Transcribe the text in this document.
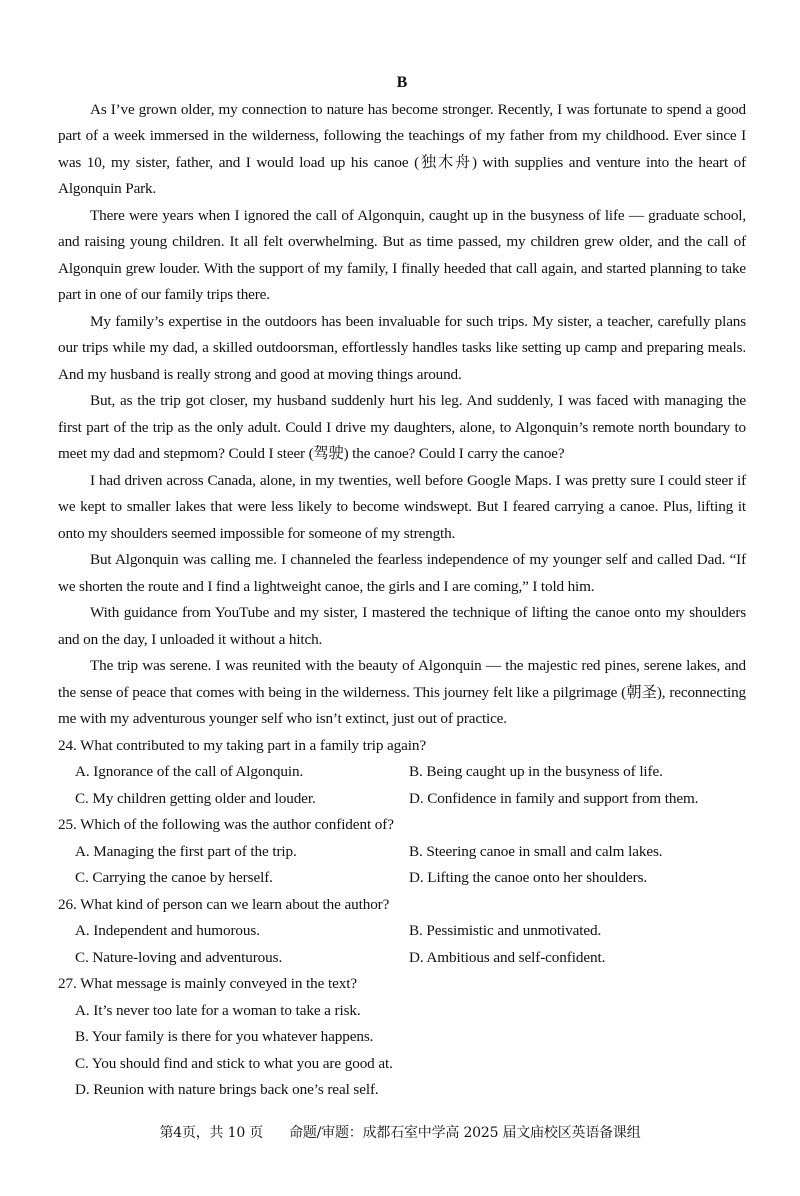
B

As I’ve grown older, my connection to nature has become stronger. Recently, I was fortunate to spend a good part of a week immersed in the wilderness, following the teachings of my father from my childhood. Ever since I was 10, my sister, father, and I would load up his canoe (独木舟) with supplies and venture into the heart of Algonquin Park.

There were years when I ignored the call of Algonquin, caught up in the busyness of life — graduate school, and raising young children. It all felt overwhelming. But as time passed, my children grew older, and the call of Algonquin grew louder. With the support of my family, I finally heeded that call again, and started planning to take part in one of our family trips there.

My family’s expertise in the outdoors has been invaluable for such trips. My sister, a teacher, carefully plans our trips while my dad, a skilled outdoorsman, effortlessly handles tasks like setting up camp and preparing meals. And my husband is really strong and good at moving things around.

But, as the trip got closer, my husband suddenly hurt his leg. And suddenly, I was faced with managing the first part of the trip as the only adult. Could I drive my daughters, alone, to Algonquin’s remote north boundary to meet my dad and stepmom? Could I steer (驾驶) the canoe? Could I carry the canoe?

I had driven across Canada, alone, in my twenties, well before Google Maps. I was pretty sure I could steer if we kept to smaller lakes that were less likely to become windswept. But I feared carrying a canoe. Plus, lifting it onto my shoulders seemed impossible for someone of my strength.

But Algonquin was calling me. I channeled the fearless independence of my younger self and called Dad. “If we shorten the route and I find a lightweight canoe, the girls and I are coming,” I told him.

With guidance from YouTube and my sister, I mastered the technique of lifting the canoe onto my shoulders and on the day, I unloaded it without a hitch.

The trip was serene. I was reunited with the beauty of Algonquin — the majestic red pines, serene lakes, and the sense of peace that comes with being in the wilderness. This journey felt like a pilgrimage (朝圣), reconnecting me with my adventurous younger self who isn’t extinct, just out of practice.

24. What contributed to my taking part in a family trip again?

A. Ignorance of the call of Algonquin.	B. Being caught up in the busyness of life.
C. My children getting older and louder.	D. Confidence in family and support from them.

25. Which of the following was the author confident of?

A. Managing the first part of the trip.	B. Steering canoe in small and calm lakes.
C. Carrying the canoe by herself.	D. Lifting the canoe onto her shoulders.

26. What kind of person can we learn about the author?

A. Independent and humorous.	B. Pessimistic and unmotivated.
C. Nature-loving and adventurous.	D. Ambitious and self-confident.

27. What message is mainly conveyed in the text?

A. It’s never too late for a woman to take a risk.
B. Your family is there for you whatever happens.
C. You should find and stick to what you are good at.
D. Reunion with nature brings back one’s real self.
第4页，共 10 页 命题/审题：成都石室中学高 2025 届文庙校区英语备课组
